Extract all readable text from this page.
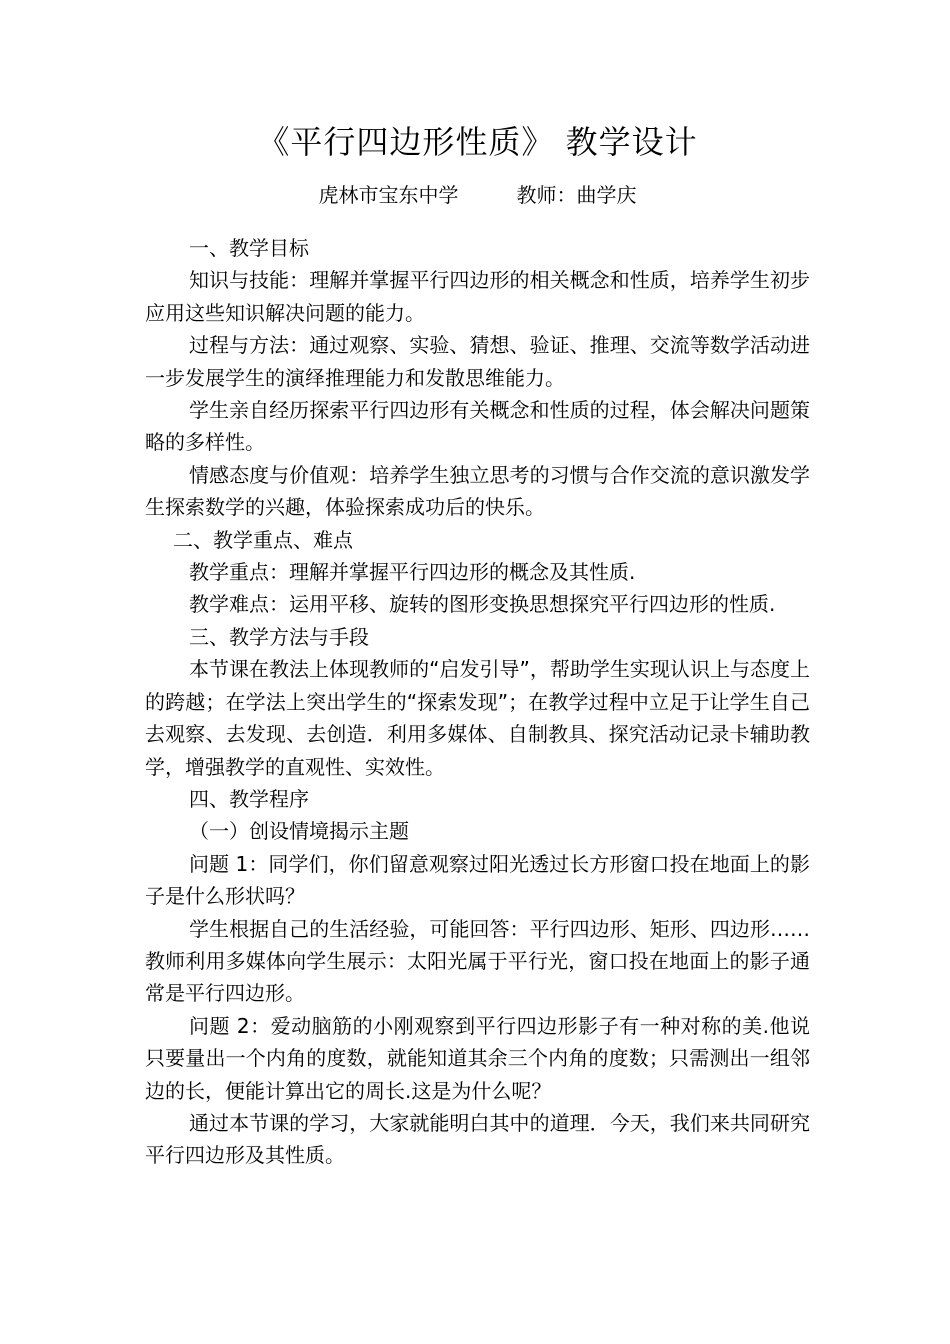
《平行四边形性质》 教学设计

虎林市宝东中学	教师：曲学庆

一、教学目标

知识与技能：理解并掌握平行四边形的相关概念和性质，培养学生初步应用这些知识解决问题的能力。

过程与方法：通过观察、实验、猜想、验证、推理、交流等数学活动进一步发展学生的演绎推理能力和发散思维能力。

学生亲自经历探索平行四边形有关概念和性质的过程，体会解决问题策略的多样性。

情感态度与价值观：培养学生独立思考的习惯与合作交流的意识激发学生探索数学的兴趣，体验探索成功后的快乐。

二、教学重点、难点

教学重点：理解并掌握平行四边形的概念及其性质.

教学难点：运用平移、旋转的图形变换思想探究平行四边形的性质.

三、教学方法与手段

本节课在教法上体现教师的“启发引导”，帮助学生实现认识上与态度上的跨越；在学法上突出学生的“探索发现”；在教学过程中立足于让学生自己去观察、去发现、去创造．利用多媒体、自制教具、探究活动记录卡辅助教学，增强教学的直观性、实效性。

四、教学程序

（一）创设情境揭示主题

问题 1：同学们，你们留意观察过阳光透过长方形窗口投在地面上的影子是什么形状吗？

学生根据自己的生活经验，可能回答：平行四边形、矩形、四边形……教师利用多媒体向学生展示：太阳光属于平行光，窗口投在地面上的影子通常是平行四边形。

问题 2：爱动脑筋的小刚观察到平行四边形影子有一种对称的美.他说只要量出一个内角的度数，就能知道其余三个内角的度数；只需测出一组邻边的长，便能计算出它的周长.这是为什么呢？

通过本节课的学习，大家就能明白其中的道理．今天，我们来共同研究平行四边形及其性质。
